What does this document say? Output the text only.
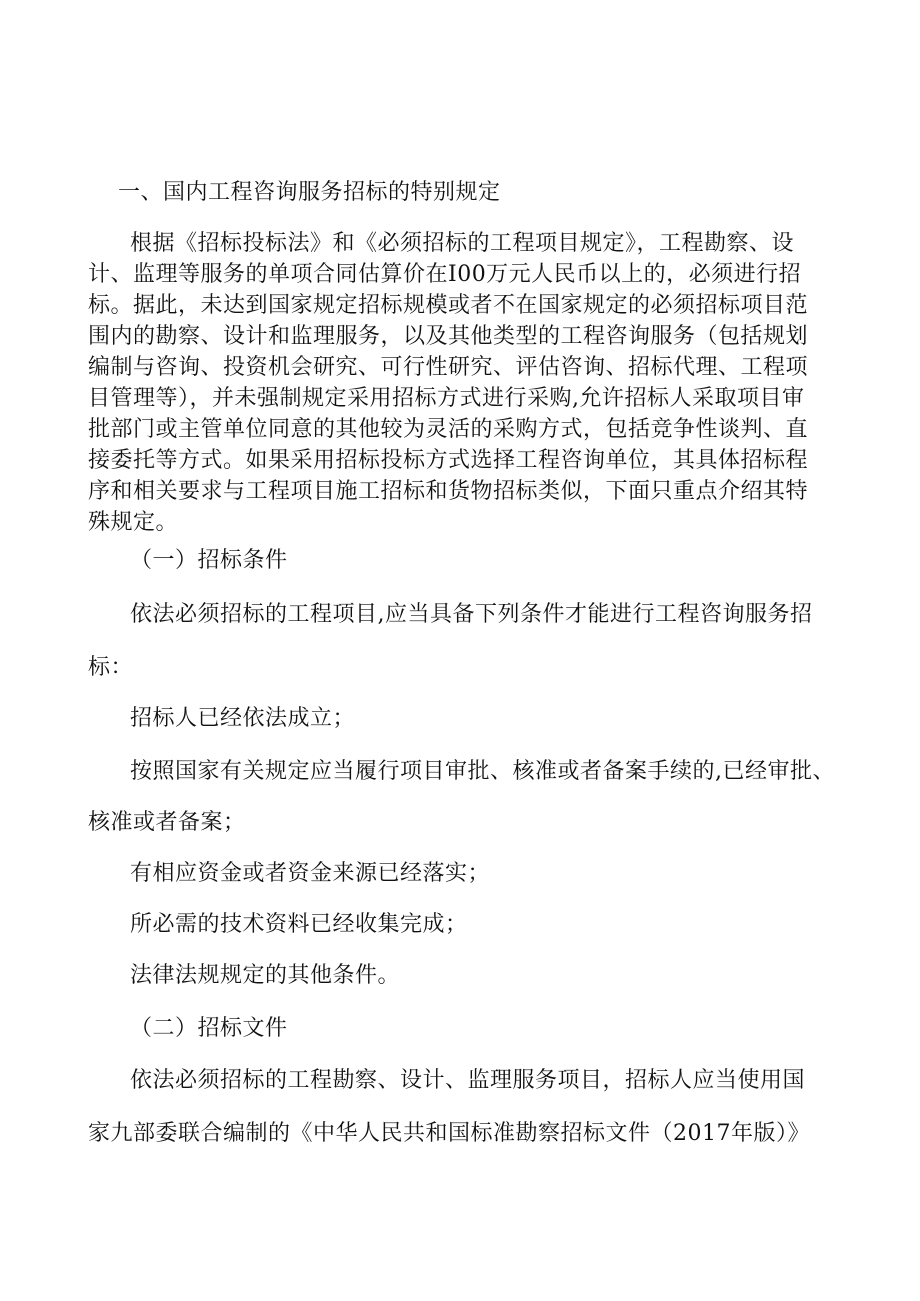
一、国内工程咨询服务招标的特别规定
根据《招标投标法》和《必须招标的工程项目规定》，工程勘察、设
计、监理等服务的单项合同估算价在I00万元人民币以上的，必须进行招
标。据此，未达到国家规定招标规模或者不在国家规定的必须招标项目范
围内的勘察、设计和监理服务，以及其他类型的工程咨询服务（包括规划
编制与咨询、投资机会研究、可行性研究、评估咨询、招标代理、工程项
目管理等），并未强制规定采用招标方式进行采购,允许招标人采取项目审
批部门或主管单位同意的其他较为灵活的采购方式，包括竞争性谈判、直
接委托等方式。如果采用招标投标方式选择工程咨询单位，其具体招标程
序和相关要求与工程项目施工招标和货物招标类似，下面只重点介绍其特
殊规定。
（一）招标条件
依法必须招标的工程项目,应当具备下列条件才能进行工程咨询服务招
标：
招标人已经依法成立；
按照国家有关规定应当履行项目审批、核准或者备案手续的,已经审批、
核准或者备案；
有相应资金或者资金来源已经落实；
所必需的技术资料已经收集完成；
法律法规规定的其他条件。
（二）招标文件
依法必须招标的工程勘察、设计、监理服务项目，招标人应当使用国
家九部委联合编制的《中华人民共和国标准勘察招标文件（2017年版）》
